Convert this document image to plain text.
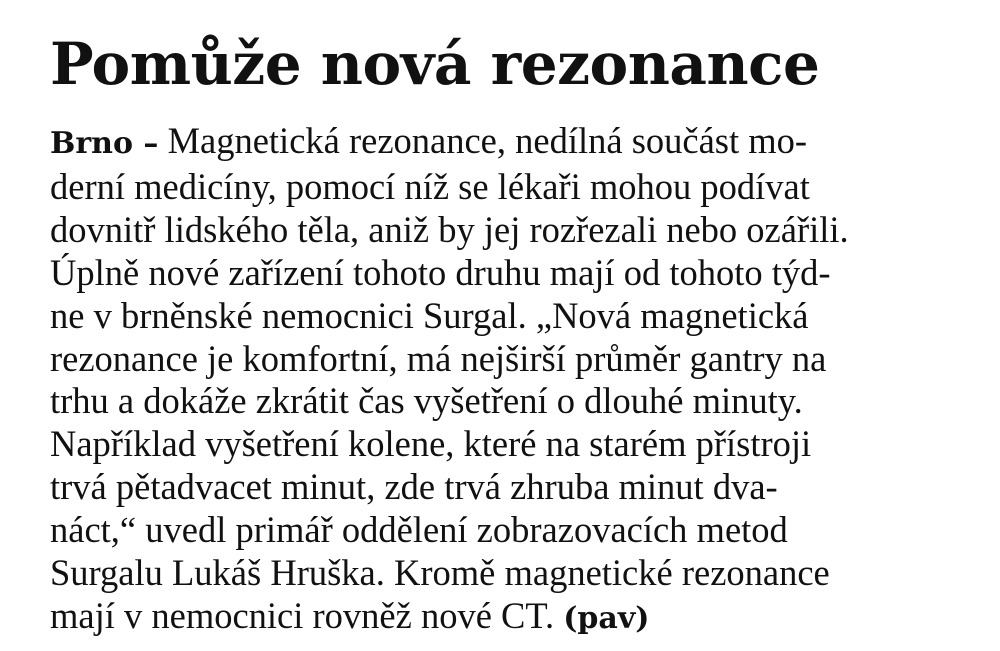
Pomůže nová rezonance
Brno – Magnetická rezonance, nedílná součást mo-
derní medicíny, pomocí níž se lékaři mohou podívat
dovnitř lidského těla, aniž by jej rozřezali nebo ozářili.
Úplně nové zařízení tohoto druhu mají od tohoto týd-
ne v brněnské nemocnici Surgal. „Nová magnetická
rezonance je komfortní, má nejširší průměr gantry na
trhu a dokáže zkrátit čas vyšetření o dlouhé minuty.
Například vyšetření kolene, které na starém přístroji
trvá pětadvacet minut, zde trvá zhruba minut dva-
náct,“ uvedl primář oddělení zobrazovacích metod
Surgalu Lukáš Hruška. Kromě magnetické rezonance
mají v nemocnici rovněž nové CT. (pav)
